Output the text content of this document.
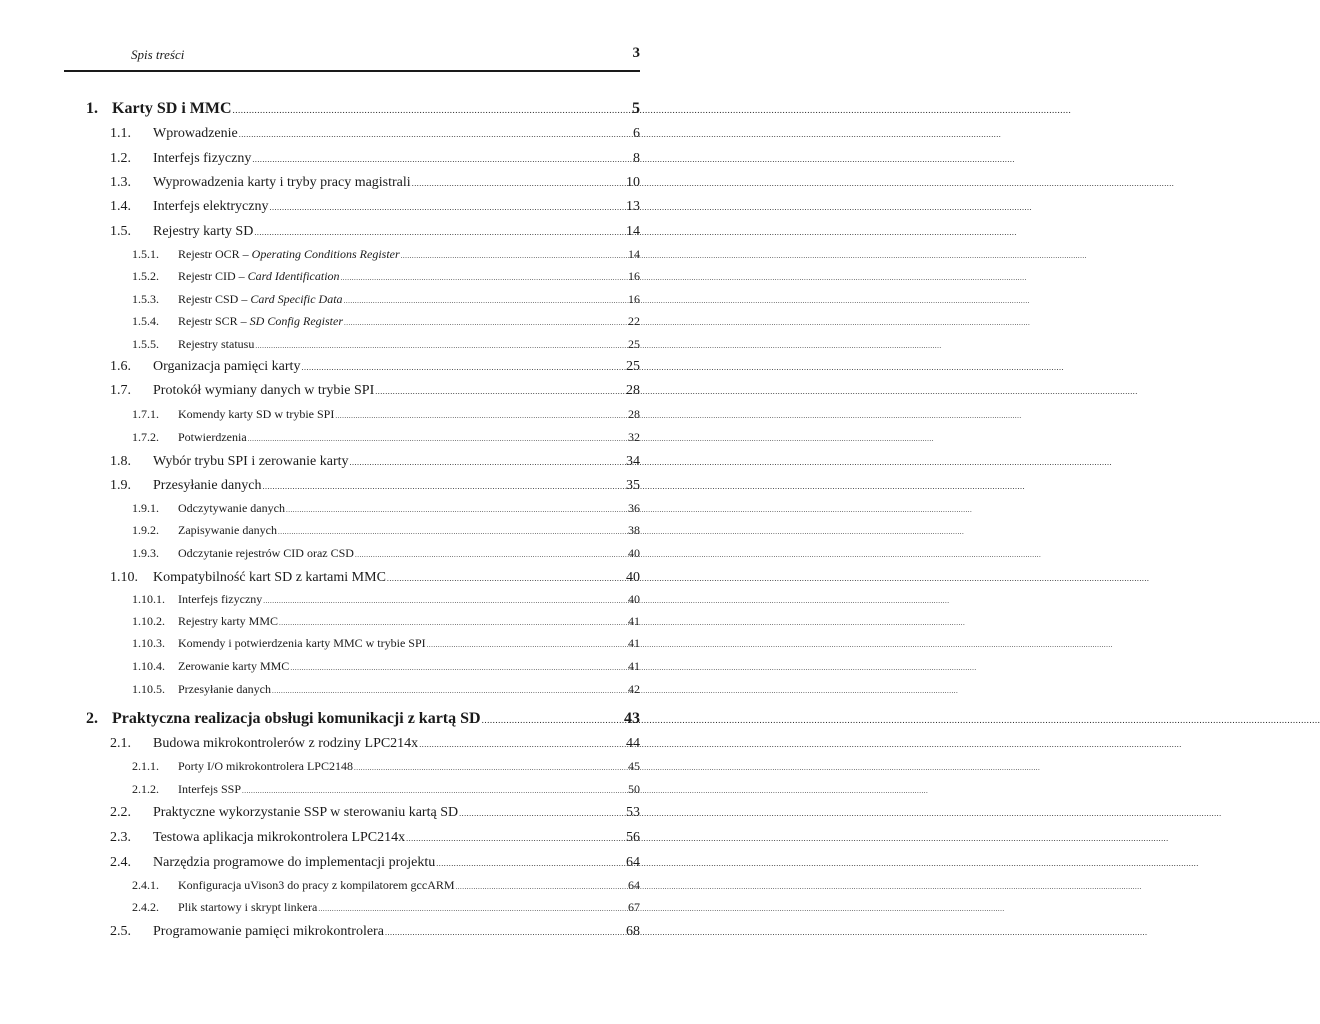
Spis treści	3
1. Karty SD i MMC .....	5
1.1.	Wprowadzenie .....	6
1.2.	Interfejs fizyczny .....	8
1.3.	Wyprowadzenia karty i tryby pracy magistrali .....	10
1.4.	Interfejs elektryczny .....	13
1.5.	Rejestry karty SD .....	14
1.5.1.	Rejestr OCR – Operating Conditions Register .....	14
1.5.2.	Rejestr CID – Card Identification .....	16
1.5.3.	Rejestr CSD – Card Specific Data .....	16
1.5.4.	Rejestr SCR – SD Config Register .....	22
1.5.5.	Rejestry statusu .....	25
1.6.	Organizacja pamięci karty .....	25
1.7.	Protokół wymiany danych w trybie SPI .....	28
1.7.1.	Komendy karty SD w trybie SPI .....	28
1.7.2.	Potwierdzenia .....	32
1.8.	Wybór trybu SPI i zerowanie karty .....	34
1.9.	Przesyłanie danych .....	35
1.9.1.	Odczytywanie danych .....	36
1.9.2.	Zapisywanie danych .....	38
1.9.3.	Odczytanie rejestrów CID oraz CSD .....	40
1.10.	Kompatybilność kart SD z kartami MMC .....	40
1.10.1.	Interfejs fizyczny .....	40
1.10.2.	Rejestry karty MMC .....	41
1.10.3.	Komendy i potwierdzenia karty MMC w trybie SPI .....	41
1.10.4.	Zerowanie karty MMC .....	41
1.10.5.	Przesyłanie danych .....	42
2. Praktyczna realizacja obsługi komunikacji z kartą SD .....	43
2.1.	Budowa mikrokontrolerów z rodziny LPC214x .....	44
2.1.1.	Porty I/O mikrokontrolera LPC2148 .....	45
2.1.2.	Interfejs SSP .....	50
2.2.	Praktyczne wykorzystanie SSP w sterowaniu kartą SD .....	53
2.3.	Testowa aplikacja mikrokontrolera LPC214x .....	56
2.4.	Narzędzia programowe do implementacji projektu .....	64
2.4.1.	Konfiguracja uVison3 do pracy z kompilatorem gccARM .....	64
2.4.2.	Plik startowy i skrypt linkera .....	67
2.5.	Programowanie pamięci mikrokontrolera .....	68
